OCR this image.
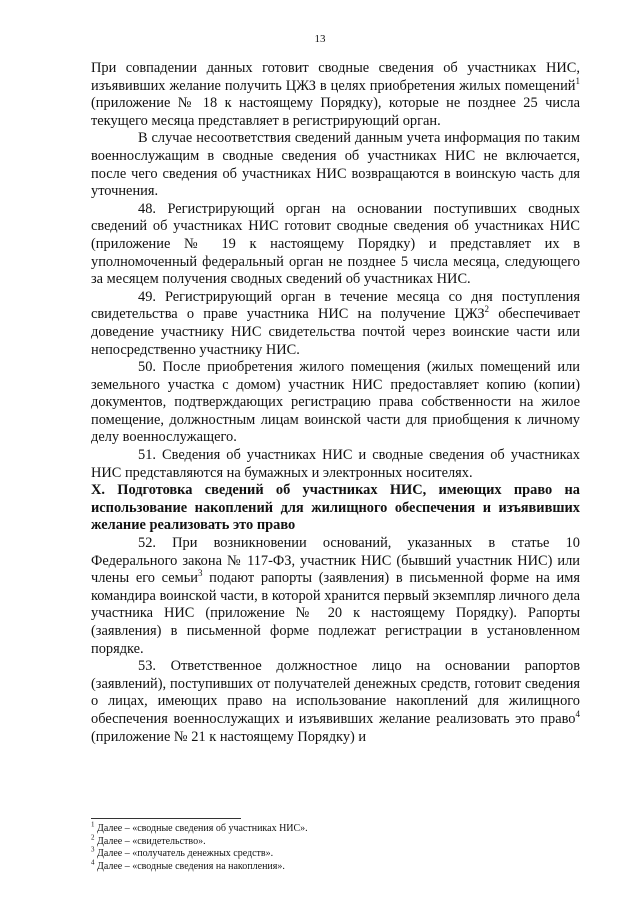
13

При совпадении данных готовит сводные сведения об участниках НИС, изъявивших желание получить ЦЖЗ в целях приобретения жилых помещений$^1$ (приложение № 18 к настоящему Порядку), которые не позднее 25 числа текущего месяца представляет в регистрирующий орган.

В случае несоответствия сведений данным учета информация по таким военнослужащим в сводные сведения об участниках НИС не включается, после чего сведения об участниках НИС возвращаются в воинскую часть для уточнения.

48. Регистрирующий орган на основании поступивших сводных сведений об участниках НИС готовит сводные сведения об участниках НИС (приложение № 19 к настоящему Порядку) и представляет их в уполномоченный федеральный орган не позднее 5 числа месяца, следующего за месяцем получения сводных сведений об участниках НИС.

49. Регистрирующий орган в течение месяца со дня поступления свидетельства о праве участника НИС на получение ЦЖЗ$^2$ обеспечивает доведение участнику НИС свидетельства почтой через воинские части или непосредственно участнику НИС.

50. После приобретения жилого помещения (жилых помещений или земельного участка с домом) участник НИС предоставляет копию (копии) документов, подтверждающих регистрацию права собственности на жилое помещение, должностным лицам воинской части для приобщения к личному делу военнослужащего.

51. Сведения об участниках НИС и сводные сведения об участниках НИС представляются на бумажных и электронных носителях.

X. Подготовка сведений об участниках НИС, имеющих право на использование накоплений для жилищного обеспечения и изъявивших желание реализовать это право

52. При возникновении оснований, указанных в статье 10 Федерального закона № 117-ФЗ, участник НИС (бывший участник НИС) или члены его семьи$^3$ подают рапорты (заявления) в письменной форме на имя командира воинской части, в которой хранится первый экземпляр личного дела участника НИС (приложение № 20 к настоящему Порядку). Рапорты (заявления) в письменной форме подлежат регистрации в установленном порядке.

53. Ответственное должностное лицо на основании рапортов (заявлений), поступивших от получателей денежных средств, готовит сведения о лицах, имеющих право на использование накоплений для жилищного обеспечения военнослужащих и изъявивших желание реализовать это право$^4$ (приложение № 21 к настоящему Порядку) и

$^1$ Далее – «сводные сведения об участниках НИС».
$^2$ Далее – «свидетельство».
$^3$ Далее – «получатель денежных средств».
$^4$ Далее – «сводные сведения на накопления».
